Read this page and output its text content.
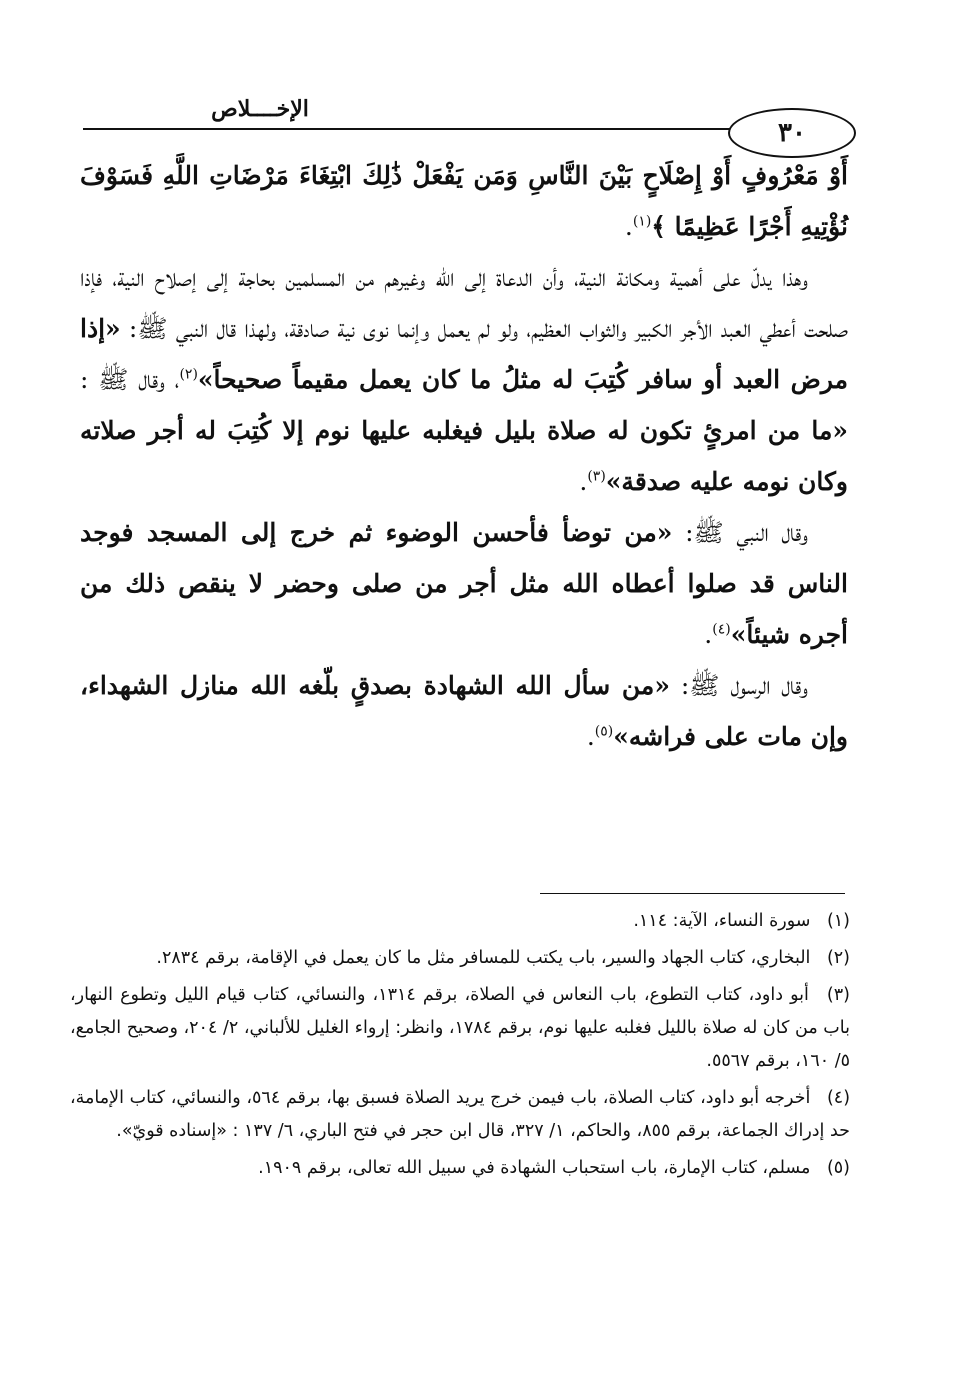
الإخــــلاص
٣٠

أَوْ مَعْرُوفٍ أَوْ إِصْلَاحٍ بَيْنَ النَّاسِ وَمَن يَفْعَلْ ذَٰلِكَ ابْتِغَاءَ مَرْضَاتِ اللَّهِ فَسَوْفَ نُؤْتِيهِ أَجْرًا عَظِيمًا ﴾$^{(١)}$.

وهذا يدلّ على أهمية ومكانة النية، وأن الدعاة إلى الله وغيرهم من المسلمين بحاجة إلى إصلاح النية، فإذا صلحت أعطي العبد الأجر الكبير والثواب العظيم، ولو لم يعمل وإنما نوى نية صادقة، ولهذا قال النبي ﷺ: «إذا مرض العبد أو سافر كُتِبَ له مثلُ ما كان يعمل مقيماً صحيحاً»$^{(٢)}$، وقال ﷺ : «ما من امرئٍ تكون له صلاة بليل فيغلبه عليها نوم إلا كُتِبَ له أجر صلاته وكان نومه عليه صدقة»$^{(٣)}$.

وقال النبي ﷺ: «من توضأ فأحسن الوضوء ثم خرج إلى المسجد فوجد الناس قد صلوا أعطاه الله مثل أجر من صلى وحضر لا ينقص ذلك من أجره شيئاً»$^{(٤)}$.

وقال الرسول ﷺ: «من سأل الله الشهادة بصدقٍ بلّغه الله منازل الشهداء، وإن مات على فراشه»$^{(٥)}$.

(١) سورة النساء، الآية: ١١٤.

(٢) البخاري، كتاب الجهاد والسير، باب يكتب للمسافر مثل ما كان يعمل في الإقامة، برقم ٢٨٣٤.

(٣) أبو داود، كتاب التطوع، باب النعاس في الصلاة، برقم ١٣١٤، والنسائي، كتاب قيام الليل وتطوع النهار، باب من كان له صلاة بالليل فغلبه عليها نوم، برقم ١٧٨٤، وانظر: إرواء الغليل للألباني، ٢/ ٢٠٤، وصحيح الجامع، ٥/ ١٦٠، برقم ٥٥٦٧.

(٤) أخرجه أبو داود، كتاب الصلاة، باب فيمن خرج يريد الصلاة فسبق بها، برقم ٥٦٤، والنسائي، كتاب الإمامة، حد إدراك الجماعة، برقم ٨٥٥، والحاكم، ١/ ٣٢٧، قال ابن حجر في فتح الباري، ٦/ ١٣٧ : «إسناده قويّ».

(٥) مسلم، كتاب الإمارة، باب استحباب الشهادة في سبيل الله تعالى، برقم ١٩٠٩.
